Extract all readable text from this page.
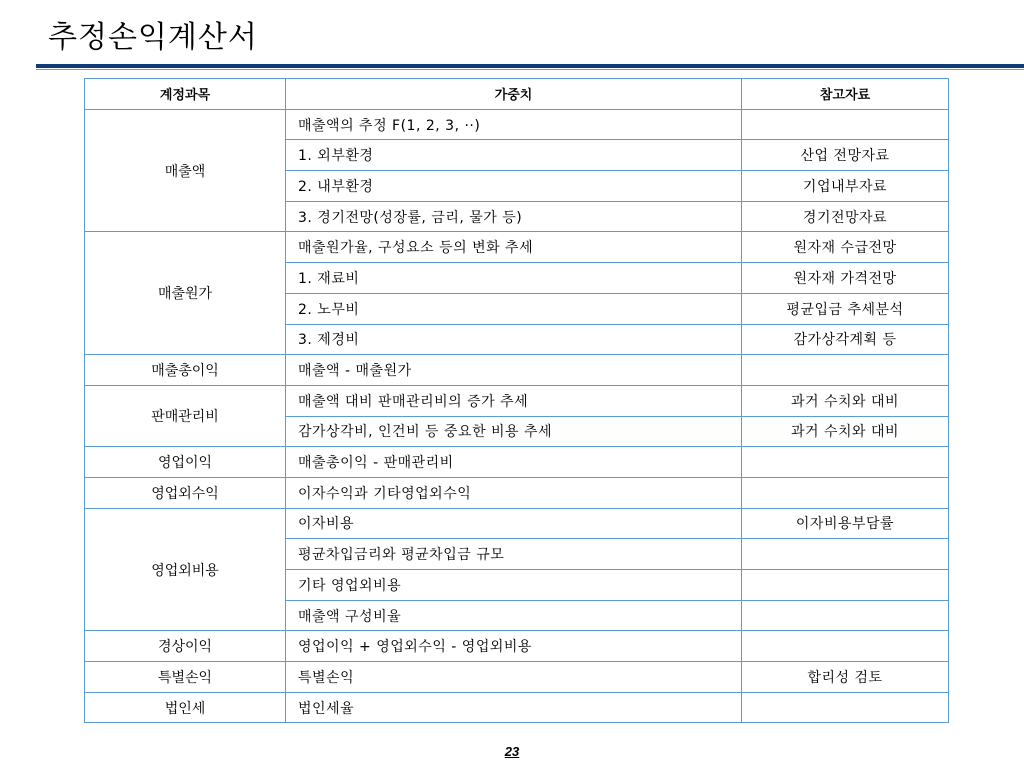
추정손익계산서
계정과목	가중치	참고자료
매출액	매출액의 추정 F(1, 2, 3, ··)	
	1. 외부환경	산업 전망자료
	2. 내부환경	기업내부자료
	3. 경기전망(성장률, 금리, 물가 등)	경기전망자료
매출원가	매출원가율, 구성요소 등의 변화 추세	원자재 수급전망
	1. 재료비	원자재 가격전망
	2. 노무비	평균입금 추세분석
	3. 제경비	감가상각계획 등
매출총이익	매출액 - 매출원가	
판매관리비	매출액 대비 판매관리비의 증가 추세	과거 수치와 대비
	감가상각비, 인건비 등 중요한 비용 추세	과거 수치와 대비
영업이익	매출총이익 - 판매관리비	
영업외수익	이자수익과 기타영업외수익	
영업외비용	이자비용	이자비용부담률
	평균차입금리와 평균차입금 규모	
	기타 영업외비용	
	매출액 구성비율	
경상이익	영업이익 + 영업외수익 - 영업외비용	
특별손익	특별손익	합리성 검토
법인세	법인세율	
23
